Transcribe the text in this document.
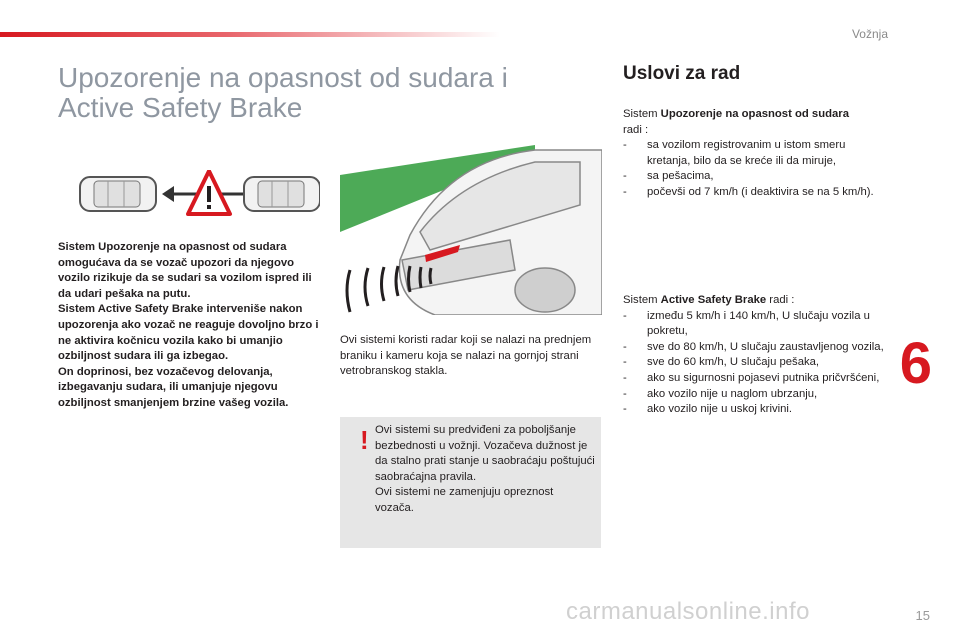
Vožnja
6
15
Upozorenje na opasnost od sudara i
Active Safety Brake

Sistem Upozorenje na opasnost od sudara omogućava da se vozač upozori da njegovo vozilo rizikuje da se sudari sa vozilom ispred ili da udari pešaka na putu.

Sistem Active Safety Brake interveniše nakon upozorenja ako vozač ne reaguje dovoljno brzo i ne aktivira kočnicu vozila kako bi umanjio ozbiljnost sudara ili ga izbegao.

On doprinosi, bez vozačevog delovanja, izbegavanju sudara, ili umanjuje njegovu ozbiljnost smanjenjem brzine vašeg vozila.

Ovi sistemi koristi radar koji se nalazi na prednjem braniku i kameru koja se nalazi na gornjoj strani vetrobranskog stakla.
! Ovi sistemi su predviđeni za poboljšanje bezbednosti u vožnji. Vozačeva dužnost je da stalno prati stanje u saobraćaju poštujući saobraćajna pravila.

Ovi sistemi ne zamenjuju opreznost vozača.

Uslovi za rad

Sistem Upozorenje na opasnost od sudara
radi :

- sa vozilom registrovanim u istom smeru kretanja, bilo da se kreće ili da miruje,
- sa pešacima,
- počevši od 7 km/h (i deaktivira se na 5 km/h).

Sistem Active Safety Brake radi :

- između 5 km/h i 140 km/h, U slučaju vozila u pokretu,
- sve do 80 km/h, U slučaju zaustavljenog vozila,
- sve do 60 km/h, U slučaju pešaka,
- ako su sigurnosni pojasevi putnika pričvršćeni,
- ako vozilo nije u naglom ubrzanju,
- ako vozilo nije u uskoj krivini.
carmanualsonline.info
